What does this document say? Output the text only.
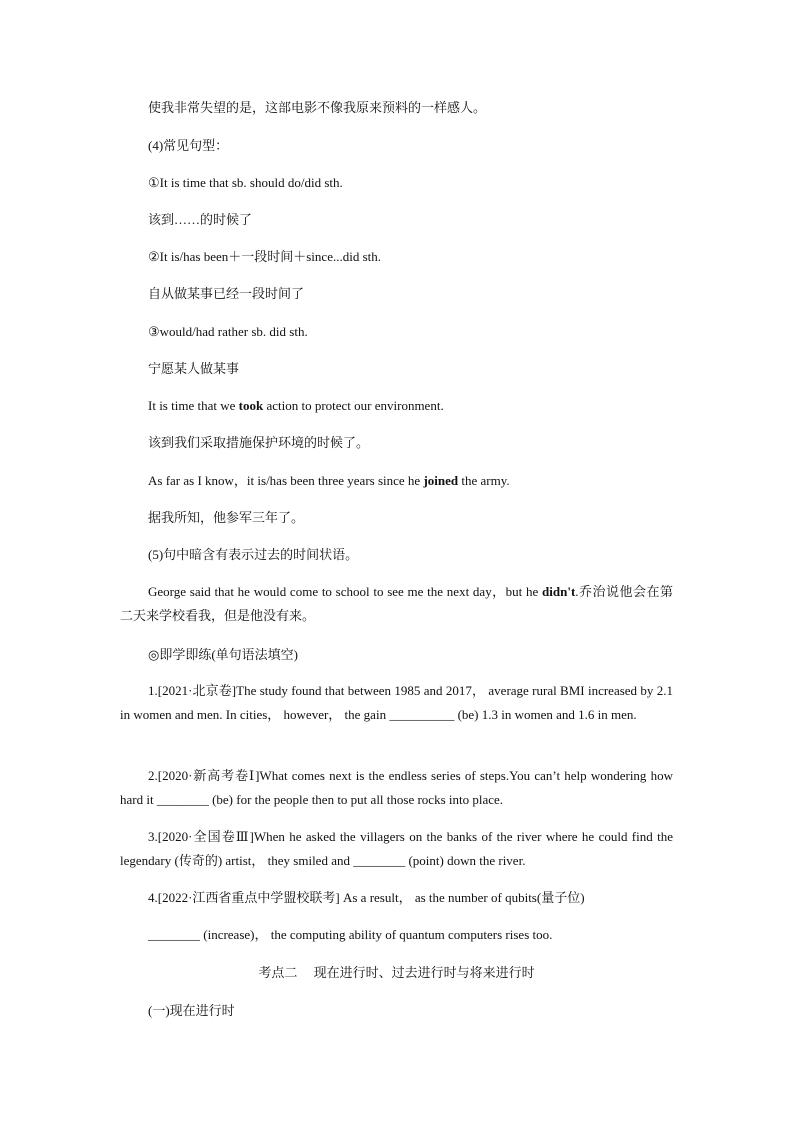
使我非常失望的是，这部电影不像我原来预料的一样感人。
(4)常见句型：
①It is time that sb. should do/did sth.
该到……的时候了
②It is/has been＋一段时间＋since...did sth.
自从做某事已经一段时间了
③would/had rather sb. did sth.
宁愿某人做某事
It is time that we took action to protect our environment.
该到我们采取措施保护环境的时候了。
As far as I know，it is/has been three years since he joined the army.
据我所知，他参军三年了。
(5)句中暗含有表示过去的时间状语。
George said that he would come to school to see me the next day，but he didn't.乔治说他会在第二天来学校看我，但是他没有来。
◎即学即练(单句语法填空)
1.[2021·北京卷]The study found that between 1985 and 2017， average rural BMI increased by 2.1 in women and men. In cities， however， the gain __________ (be) 1.3 in women and 1.6 in men.
2.[2020·新高考卷Ⅰ]What comes next is the endless series of steps.You can’t help wondering how hard it ________ (be) for the people then to put all those rocks into place.
3.[2020·全国卷Ⅲ]When he asked the villagers on the banks of the river where he could find the legendary (传奇的) artist， they smiled and ________ (point) down the river.
4.[2022·江西省重点中学盟校联考] As a result， as the number of qubits(量子位)
________ (increase)， the computing ability of quantum computers rises too.
考点二　 现在进行时、过去进行时与将来进行时
(一)现在进行时
